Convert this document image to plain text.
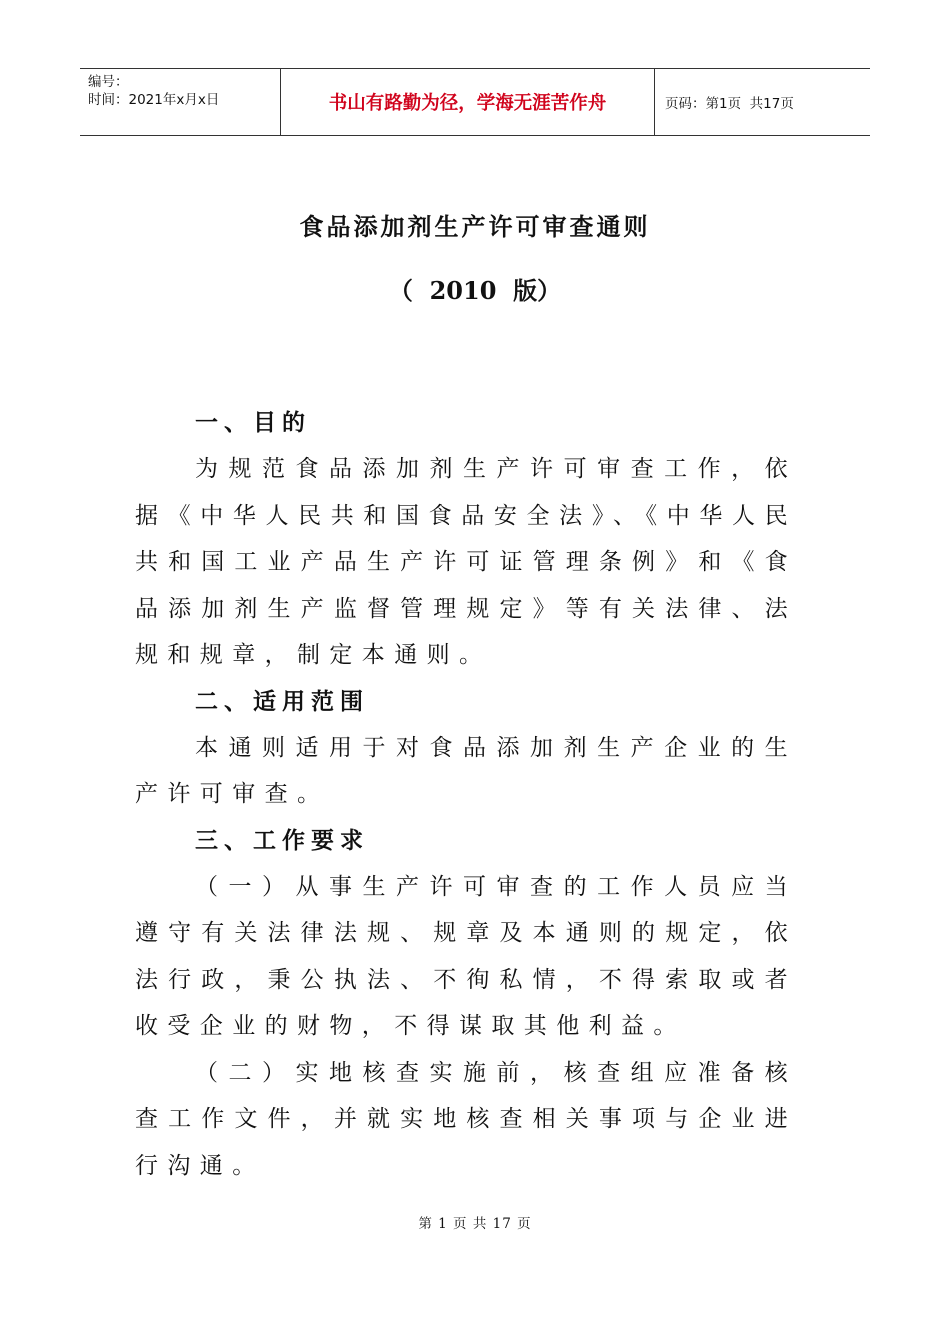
编号：
时间：2021年x月x日	书山有路勤为径，学海无涯苦作舟	页码：第1页  共17页
食品添加剂生产许可审查通则
（  2010  版）
一、目的
为规范食品添加剂生产许可审查工作，依据《中华人民共和国食品安全法》、《中华人民共和国工业产品生产许可证管理条例》和《食品添加剂生产监督管理规定》等有关法律、法规和规章，制定本通则。
二、适用范围
本通则适用于对食品添加剂生产企业的生产许可审查。
三、工作要求
（一）从事生产许可审查的工作人员应当遵守有关法律法规、规章及本通则的规定，依法行政，秉公执法、不徇私情，不得索取或者收受企业的财物，不得谋取其他利益。
（二）实地核查实施前，核查组应准备核查工作文件，并就实地核查相关事项与企业进行沟通。
第 1 页 共 17 页
